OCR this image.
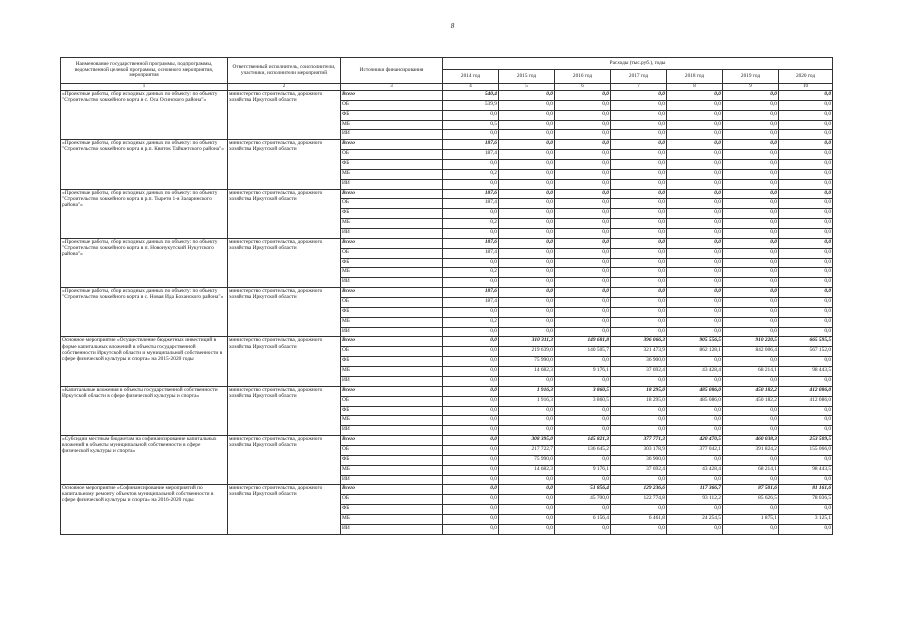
8
Наименование государственной программы, подпрограммы, ведомственной целевой программы, основного мероприятия, мероприятия	Ответственный исполнитель, соисполнители, участники, исполнители мероприятий	Источники финансирования	Расходы (тыс.руб.), годы						
			2014 год	2015 год	2016 год	2017 год	2018 год	2019 год	2020 год
1	2	3	4	5	6	7	8	9	10
«Проектные работы, сбор исходных данных по объекту: по объекту "Строительство хоккейного корта в с. Оса Осинского района"»	министерство строительства, дорожного хозяйства Иркутской области	Всего	540,4	0,0	0,0	0,0	0,0	0,0	0,0
		ОБ	539,9	0,0	0,0	0,0	0,0	0,0	0,0
		ФБ	0,0	0,0	0,0	0,0	0,0	0,0	0,0
		МБ	0,5	0,0	0,0	0,0	0,0	0,0	0,0
		ИИ	0,0	0,0	0,0	0,0	0,0	0,0	0,0
«Проектные работы, сбор исходных данных по объекту: по объекту "Строительство хоккейного корта в р.п. Квиток Тайшетского района"»	министерство строительства, дорожного хозяйства Иркутской области	Всего	187,6	0,0	0,0	0,0	0,0	0,0	0,0
		ОБ	187,4	0,0	0,0	0,0	0,0	0,0	0,0
		ФБ	0,0	0,0	0,0	0,0	0,0	0,0	0,0
		МБ	0,2	0,0	0,0	0,0	0,0	0,0	0,0
		ИИ	0,0	0,0	0,0	0,0	0,0	0,0	0,0
«Проектные работы, сбор исходных данных по объекту: по объекту "Строительство хоккейного корта в р.п. Тырети 1-я Заларинского района"»	министерство строительства, дорожного хозяйства Иркутской области	Всего	187,6	0,0	0,0	0,0	0,0	0,0	0,0
		ОБ	187,4	0,0	0,0	0,0	0,0	0,0	0,0
		ФБ	0,0	0,0	0,0	0,0	0,0	0,0	0,0
		МБ	0,2	0,0	0,0	0,0	0,0	0,0	0,0
		ИИ	0,0	0,0	0,0	0,0	0,0	0,0	0,0
«Проектные работы, сбор исходных данных по объекту: по объекту "Строительство хоккейного корта в п. Новонукутский Нукутского района"»	министерство строительства, дорожного хозяйства Иркутской области	Всего	187,6	0,0	0,0	0,0	0,0	0,0	0,0
		ОБ	187,4	0,0	0,0	0,0	0,0	0,0	0,0
		ФБ	0,0	0,0	0,0	0,0	0,0	0,0	0,0
		МБ	0,2	0,0	0,0	0,0	0,0	0,0	0,0
		ИИ	0,0	0,0	0,0	0,0	0,0	0,0	0,0
«Проектные работы, сбор исходных данных по объекту: по объекту "Строительство хоккейного корта в с. Новая Ида Боханского района"»	министерство строительства, дорожного хозяйства Иркутской области	Всего	187,6	0,0	0,0	0,0	0,0	0,0	0,0
		ОБ	187,4	0,0	0,0	0,0	0,0	0,0	0,0
		ФБ	0,0	0,0	0,0	0,0	0,0	0,0	0,0
		МБ	0,2	0,0	0,0	0,0	0,0	0,0	0,0
		ИИ	0,0	0,0	0,0	0,0	0,0	0,0	0,0
Основное мероприятие «Осуществление бюджетных инвестиций в форме капитальных вложений в объекты государственной собственности Иркутской области и муниципальной собственности в сфере физической культуры и спорта» на 2015-2020 годы	министерство строительства, дорожного хозяйства Иркутской области	Всего	0,0	310 311,3	149 681,8	396 066,3	905 556,5	910 220,5	665 595,5
		ОБ	0,0	219 639,0	140 505,7	321 473,9	862 128,1	842 006,4	567 152,0
		ФБ	0,0	75 990,0	0,0	36 900,0	0,0	0,0	0,0
		МБ	0,0	14 682,3	9 176,1	37 692,4	43 428,4	68 214,1	98 443,5
		ИИ	0,0	0,0	0,0	0,0	0,0	0,0	0,0
«Капитальные вложения в объекты государственной собственности Иркутской области в сфере физической культуры и спорта»	министерство строительства, дорожного хозяйства Иркутской области	Всего	0,0	1 916,3	3 860,5	18 295,0	485 086,0	450 182,2	412 086,0
		ОБ	0,0	1 916,3	3 860,5	18 295,0	485 086,0	450 182,2	412 086,0
		ФБ	0,0	0,0	0,0	0,0	0,0	0,0	0,0
		МБ	0,0	0,0	0,0	0,0	0,0	0,0	0,0
		ИИ	0,0	0,0	0,0	0,0	0,0	0,0	0,0
«Субсидии местным бюджетам на софинансирование капитальных вложений в объекты муниципальной собственности в сфере физической культуры и спорта»	министерство строительства, дорожного хозяйства Иркутской области	Всего	0,0	308 395,0	145 821,3	377 771,3	420 470,5	460 038,3	253 509,5
		ОБ	0,0	217 722,7	136 645,2	303 178,9	377 042,1	391 824,2	155 066,0
		ФБ	0,0	75 990,0	0,0	36 900,0	0,0	0,0	0,0
		МБ	0,0	14 682,3	9 176,1	37 692,4	43 428,4	68 214,1	98 443,5
		ИИ	0,0	0,0	0,0	0,0	0,0	0,0	0,0
Основное мероприятие «Софинансирование мероприятий по капитальному ремонту объектов муниципальной собственности в сфере физической культуры и спорта» на 2016-2020 годы	министерство строительства, дорожного хозяйства Иркутской области	Всего	0,0	0,0	51 856,4	129 236,6	117 366,7	87 501,6	81 161,6
		ОБ	0,0	0,0	45 700,0	122 774,8	93 112,2	85 626,5	78 036,5
		ФБ	0,0	0,0	0,0	0,0	0,0	0,0	0,0
		МБ	0,0	0,0	6 156,4	6 461,8	24 254,5	1 875,1	3 125,1
		ИИ	0,0	0,0	0,0	0,0	0,0	0,0	0,0
